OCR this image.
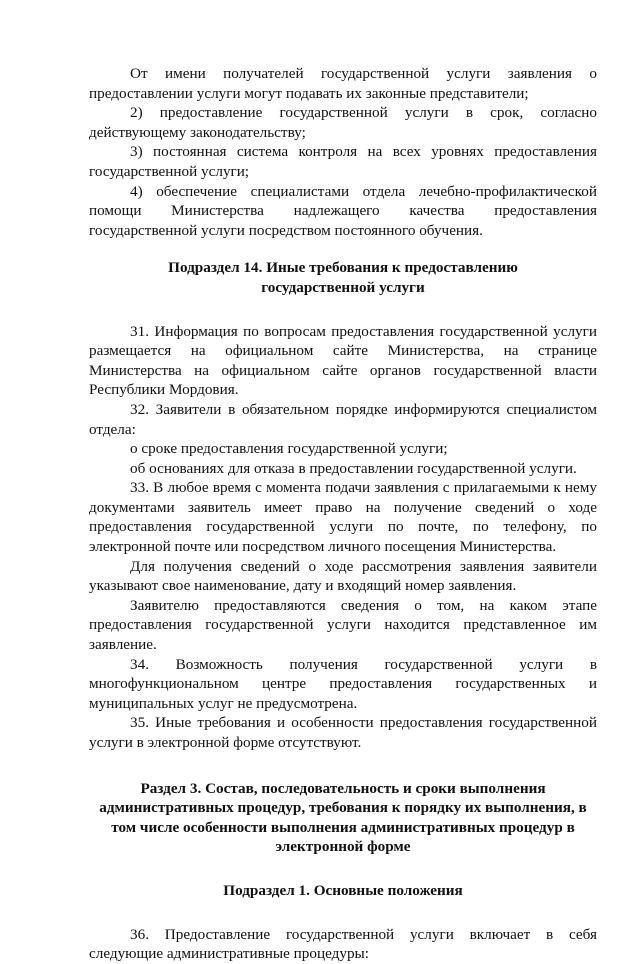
От имени получателей государственной услуги заявления о предоставлении услуги могут подавать их законные представители;

2) предоставление государственной услуги в срок, согласно действующему законодательству;

3) постоянная система контроля на всех уровнях предоставления государственной услуги;

4) обеспечение специалистами отдела лечебно-профилактической помощи Министерства надлежащего качества предоставления государственной услуги посредством постоянного обучения.

Подраздел 14. Иные требования к предоставлению
государственной услуги

31. Информация по вопросам предоставления государственной услуги размещается на официальном сайте Министерства, на странице Министерства на официальном сайте органов государственной власти Республики Мордовия.

32. Заявители в обязательном порядке информируются специалистом отдела:

о сроке предоставления государственной услуги;

об основаниях для отказа в предоставлении государственной услуги.

33. В любое время с момента подачи заявления с прилагаемыми к нему документами заявитель имеет право на получение сведений о ходе предоставления государственной услуги по почте, по телефону, по электронной почте или посредством личного посещения Министерства.

Для получения сведений о ходе рассмотрения заявления заявители указывают свое наименование, дату и входящий номер заявления.

Заявителю предоставляются сведения о том, на каком этапе предоставления государственной услуги находится представленное им заявление.

34. Возможность получения государственной услуги в многофункциональном центре предоставления государственных и муниципальных услуг не предусмотрена.

35. Иные требования и особенности предоставления государственной услуги в электронной форме отсутствуют.

Раздел 3. Состав, последовательность и сроки выполнения
административных процедур, требования к порядку их выполнения, в
том числе особенности выполнения административных процедур в
электронной форме
Подраздел 1. Основные положения

36. Предоставление государственной услуги включает в себя следующие административные процедуры:
